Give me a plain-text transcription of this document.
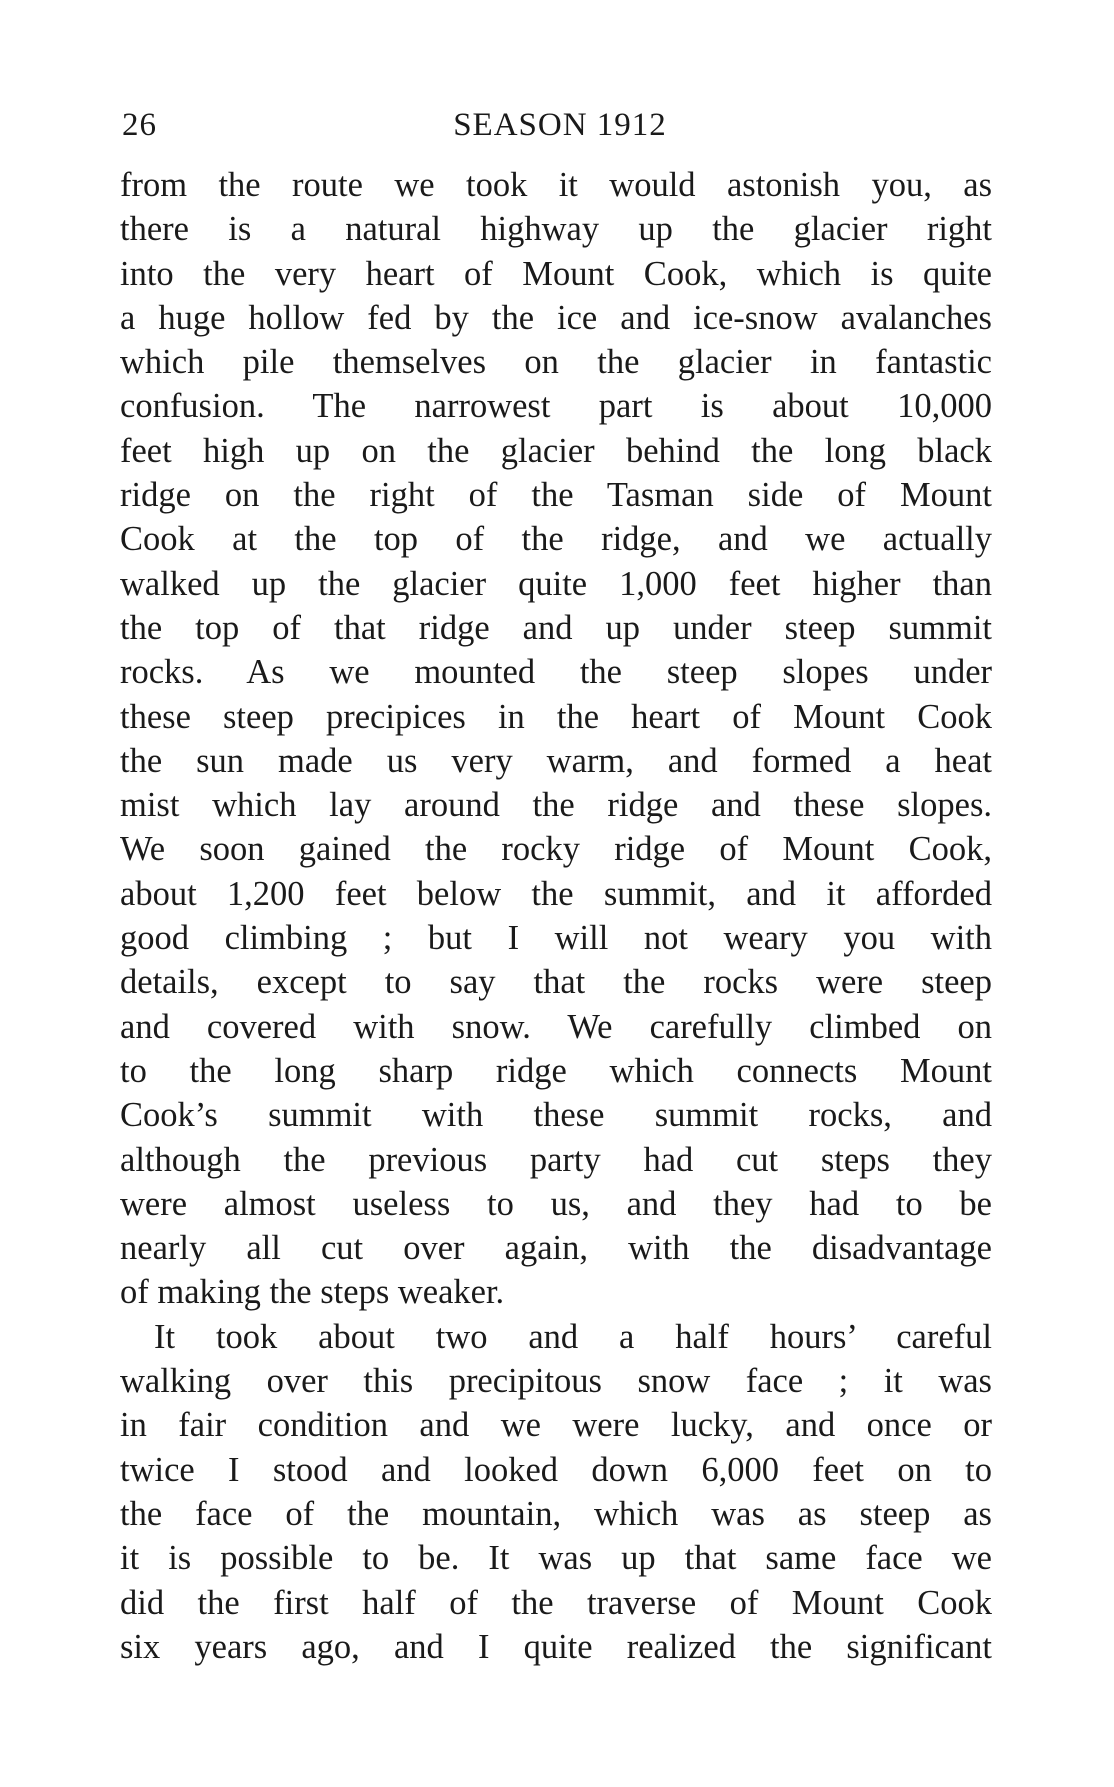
26	SEASON 1912
from the route we took it would astonish you, as
there is a natural highway up the glacier right
into the very heart of Mount Cook, which is quite
a huge hollow fed by the ice and ice-snow avalanches
which pile themselves on the glacier in fantastic
confusion. The narrowest part is about 10,000
feet high up on the glacier behind the long black
ridge on the right of the Tasman side of Mount
Cook at the top of the ridge, and we actually
walked up the glacier quite 1,000 feet higher than
the top of that ridge and up under steep summit
rocks. As we mounted the steep slopes under
these steep precipices in the heart of Mount Cook
the sun made us very warm, and formed a heat
mist which lay around the ridge and these slopes.
We soon gained the rocky ridge of Mount Cook,
about 1,200 feet below the summit, and it afforded
good climbing ; but I will not weary you with
details, except to say that the rocks were steep
and covered with snow. We carefully climbed on
to the long sharp ridge which connects Mount
Cook’s summit with these summit rocks, and
although the previous party had cut steps they
were almost useless to us, and they had to be
nearly all cut over again, with the disadvantage
of making the steps weaker.
It took about two and a half hours’ careful
walking over this precipitous snow face ; it was
in fair condition and we were lucky, and once or
twice I stood and looked down 6,000 feet on to
the face of the mountain, which was as steep as
it is possible to be. It was up that same face we
did the first half of the traverse of Mount Cook
six years ago, and I quite realized the significant
